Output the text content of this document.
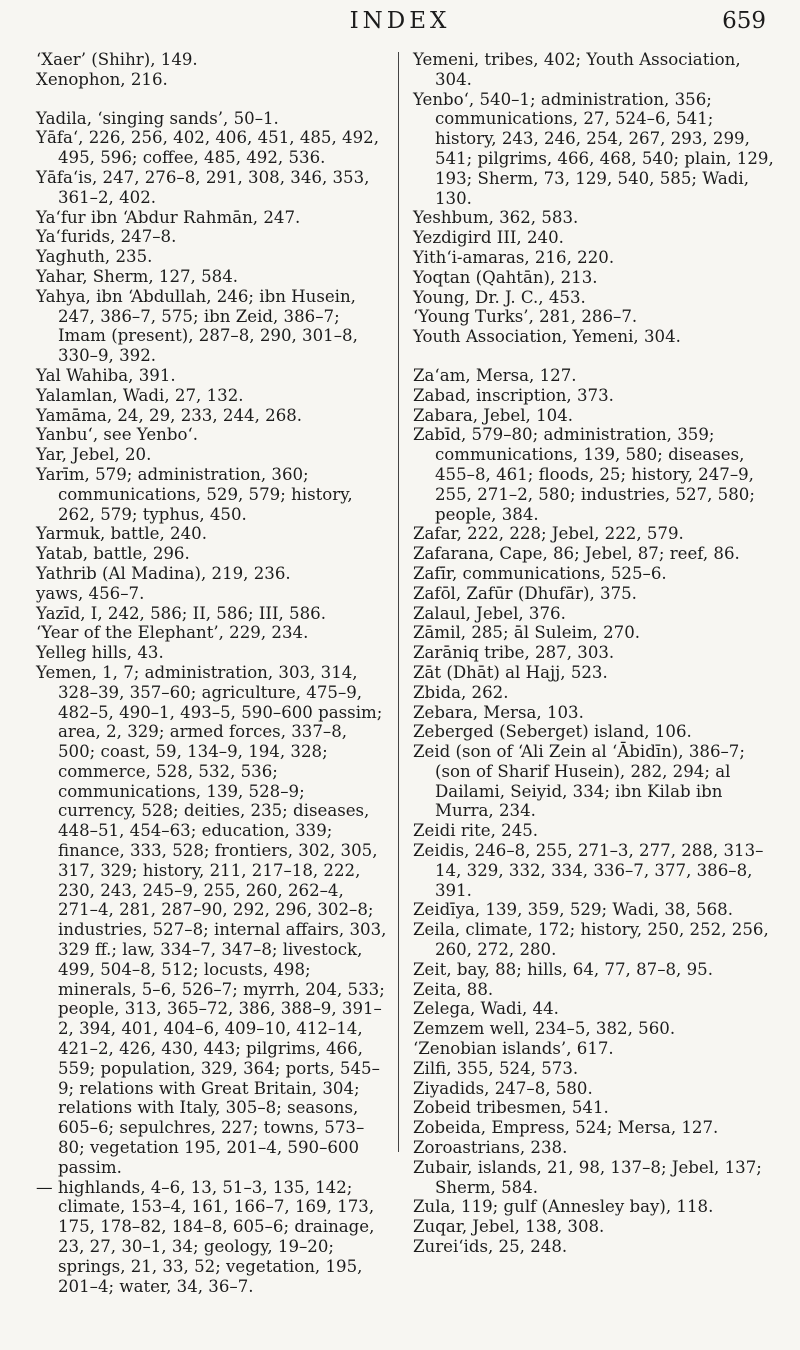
INDEX	659

‘Xaer’ (Shihr), 149.

Xenophon, 216.

Yadila, ‘singing sands’, 50–1.

Yāfa‘, 226, 256, 402, 406, 451, 485, 492, 495, 596; coffee, 485, 492, 536.

Yāfa‘is, 247, 276–8, 291, 308, 346, 353, 361–2, 402.

Ya‘fur ibn ‘Abdur Rahmān, 247.

Ya‘furids, 247–8.

Yaghuth, 235.

Yahar, Sherm, 127, 584.

Yahya, ibn ‘Abdullah, 246; ibn Husein, 247, 386–7, 575; ibn Zeid, 386–7; Imam (present), 287–8, 290, 301–8, 330–9, 392.

Yal Wahiba, 391.

Yalamlan, Wadi, 27, 132.

Yamāma, 24, 29, 233, 244, 268.

Yanbu‘, see Yenbo‘.

Yar, Jebel, 20.

Yarīm, 579; administration, 360; communications, 529, 579; history, 262, 579; typhus, 450.

Yarmuk, battle, 240.

Yatab, battle, 296.

Yathrib (Al Madina), 219, 236.

yaws, 456–7.

Yazīd, I, 242, 586; II, 586; III, 586.

‘Year of the Elephant’, 229, 234.

Yelleg hills, 43.

Yemen, 1, 7; administration, 303, 314, 328–39, 357–60; agriculture, 475–9, 482–5, 490–1, 493–5, 590–600 passim; area, 2, 329; armed forces, 337–8, 500; coast, 59, 134–9, 194, 328; commerce, 528, 532, 536; communications, 139, 528–9; currency, 528; deities, 235; diseases, 448–51, 454–63; education, 339; finance, 333, 528; frontiers, 302, 305, 317, 329; history, 211, 217–18, 222, 230, 243, 245–9, 255, 260, 262–4, 271–4, 281, 287–90, 292, 296, 302–8; industries, 527–8; internal affairs, 303, 329 ff.; law, 334–7, 347–8; livestock, 499, 504–8, 512; locusts, 498; minerals, 5–6, 526–7; myrrh, 204, 533; people, 313, 365–72, 386, 388–9, 391–2, 394, 401, 404–6, 409–10, 412–14, 421–2, 426, 430, 443; pilgrims, 466, 559; population, 329, 364; ports, 545–9; relations with Great Britain, 304; relations with Italy, 305–8; seasons, 605–6; sepulchres, 227; towns, 573–80; vegetation 195, 201–4, 590–600 passim.

— highlands, 4–6, 13, 51–3, 135, 142; climate, 153–4, 161, 166–7, 169, 173, 175, 178–82, 184–8, 605–6; drainage, 23, 27, 30–1, 34; geology, 19–20; springs, 21, 33, 52; vegetation, 195, 201–4; water, 34, 36–7.

Yemeni, tribes, 402; Youth Association, 304.

Yenbo‘, 540–1; administration, 356; communications, 27, 524–6, 541; history, 243, 246, 254, 267, 293, 299, 541; pilgrims, 466, 468, 540; plain, 129, 193; Sherm, 73, 129, 540, 585; Wadi, 130.

Yeshbum, 362, 583.

Yezdigird III, 240.

Yith‘i-amaras, 216, 220.

Yoqtan (Qahtān), 213.

Young, Dr. J. C., 453.

‘Young Turks’, 281, 286–7.

Youth Association, Yemeni, 304.

Za‘am, Mersa, 127.

Zabad, inscription, 373.

Zabara, Jebel, 104.

Zabīd, 579–80; administration, 359; communications, 139, 580; diseases, 455–8, 461; floods, 25; history, 247–9, 255, 271–2, 580; industries, 527, 580; people, 384.

Zafar, 222, 228; Jebel, 222, 579.

Zafarana, Cape, 86; Jebel, 87; reef, 86.

Zafīr, communications, 525–6.

Zafōl, Zafūr (Dhufār), 375.

Zalaul, Jebel, 376.

Zāmil, 285; āl Suleim, 270.

Zarāniq tribe, 287, 303.

Zāt (Dhāt) al Hajj, 523.

Zbida, 262.

Zebara, Mersa, 103.

Zeberged (Seberget) island, 106.

Zeid (son of ‘Ali Zein al ‘Ābidīn), 386–7; (son of Sharif Husein), 282, 294; al Dailami, Seiyid, 334; ibn Kilab ibn Murra, 234.

Zeidi rite, 245.

Zeidis, 246–8, 255, 271–3, 277, 288, 313–14, 329, 332, 334, 336–7, 377, 386–8, 391.

Zeidīya, 139, 359, 529; Wadi, 38, 568.

Zeila, climate, 172; history, 250, 252, 256, 260, 272, 280.

Zeit, bay, 88; hills, 64, 77, 87–8, 95.

Zeita, 88.

Zelega, Wadi, 44.

Zemzem well, 234–5, 382, 560.

‘Zenobian islands’, 617.

Zilfi, 355, 524, 573.

Ziyadids, 247–8, 580.

Zobeid tribesmen, 541.

Zobeida, Empress, 524; Mersa, 127.

Zoroastrians, 238.

Zubair, islands, 21, 98, 137–8; Jebel, 137; Sherm, 584.

Zula, 119; gulf (Annesley bay), 118.

Zuqar, Jebel, 138, 308.

Zurei‘ids, 25, 248.
